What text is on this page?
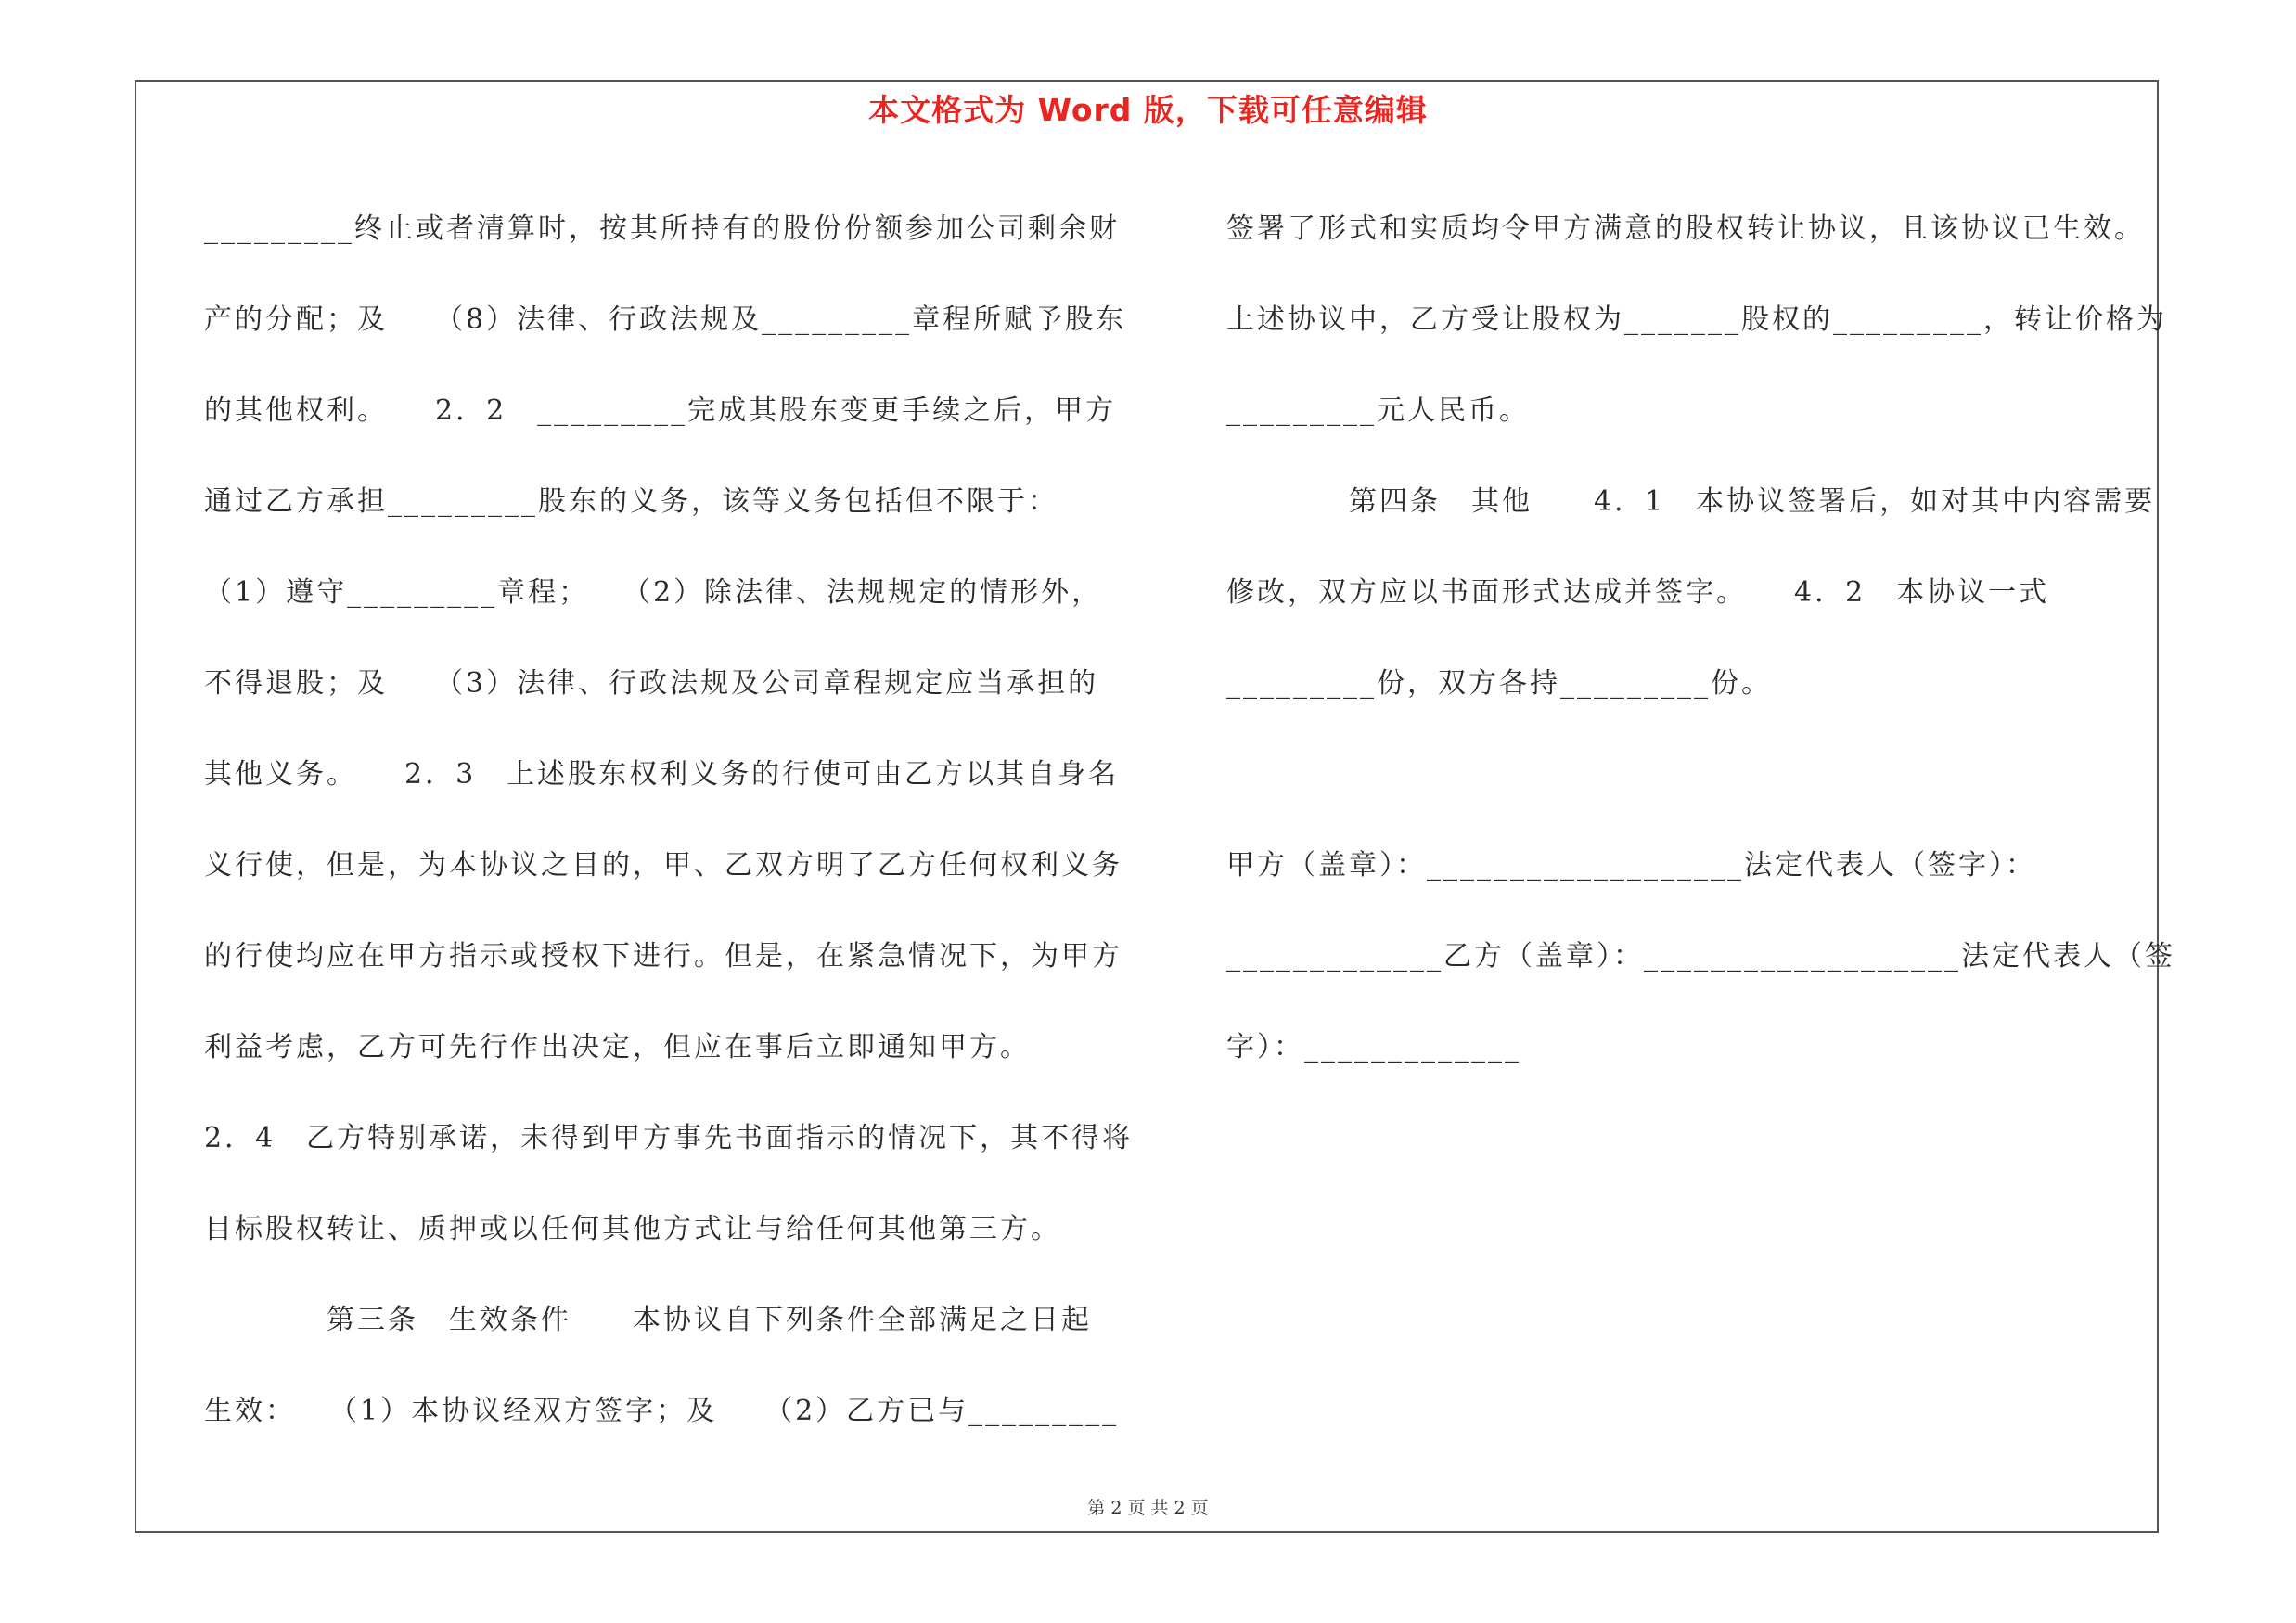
本文格式为 Word 版，下载可任意编辑
_________终止或者清算时，按其所持有的股份份额参加公司剩余财
产的分配；及　　（8）法律、行政法规及_________章程所赋予股东
的其他权利。　　2．2　_________完成其股东变更手续之后，甲方
通过乙方承担_________股东的义务，该等义务包括但不限于：
（1）遵守_________章程；　　（2）除法律、法规规定的情形外，
不得退股；及　　（3）法律、行政法规及公司章程规定应当承担的
其他义务。　　2．3　上述股东权利义务的行使可由乙方以其自身名
义行使，但是，为本协议之目的，甲、乙双方明了乙方任何权利义务
的行使均应在甲方指示或授权下进行。但是，在紧急情况下，为甲方
利益考虑，乙方可先行作出决定，但应在事后立即通知甲方。
2．4　乙方特别承诺，未得到甲方事先书面指示的情况下，其不得将
目标股权转让、质押或以任何其他方式让与给任何其他第三方。
　　　　第三条　生效条件　　本协议自下列条件全部满足之日起
生效：　　（1）本协议经双方签字；及　　（2）乙方已与_________
签署了形式和实质均令甲方满意的股权转让协议，且该协议已生效。
上述协议中，乙方受让股权为_______股权的_________，转让价格为
_________元人民币。
　　　　第四条　其他　　4．1　本协议签署后，如对其中内容需要
修改，双方应以书面形式达成并签字。　　4．2　本协议一式
_________份，双方各持_________份。
甲方（盖章）：___________________法定代表人（签字）：
_____________乙方（盖章）：___________________法定代表人（签
字）：_____________
第 2 页 共 2 页
